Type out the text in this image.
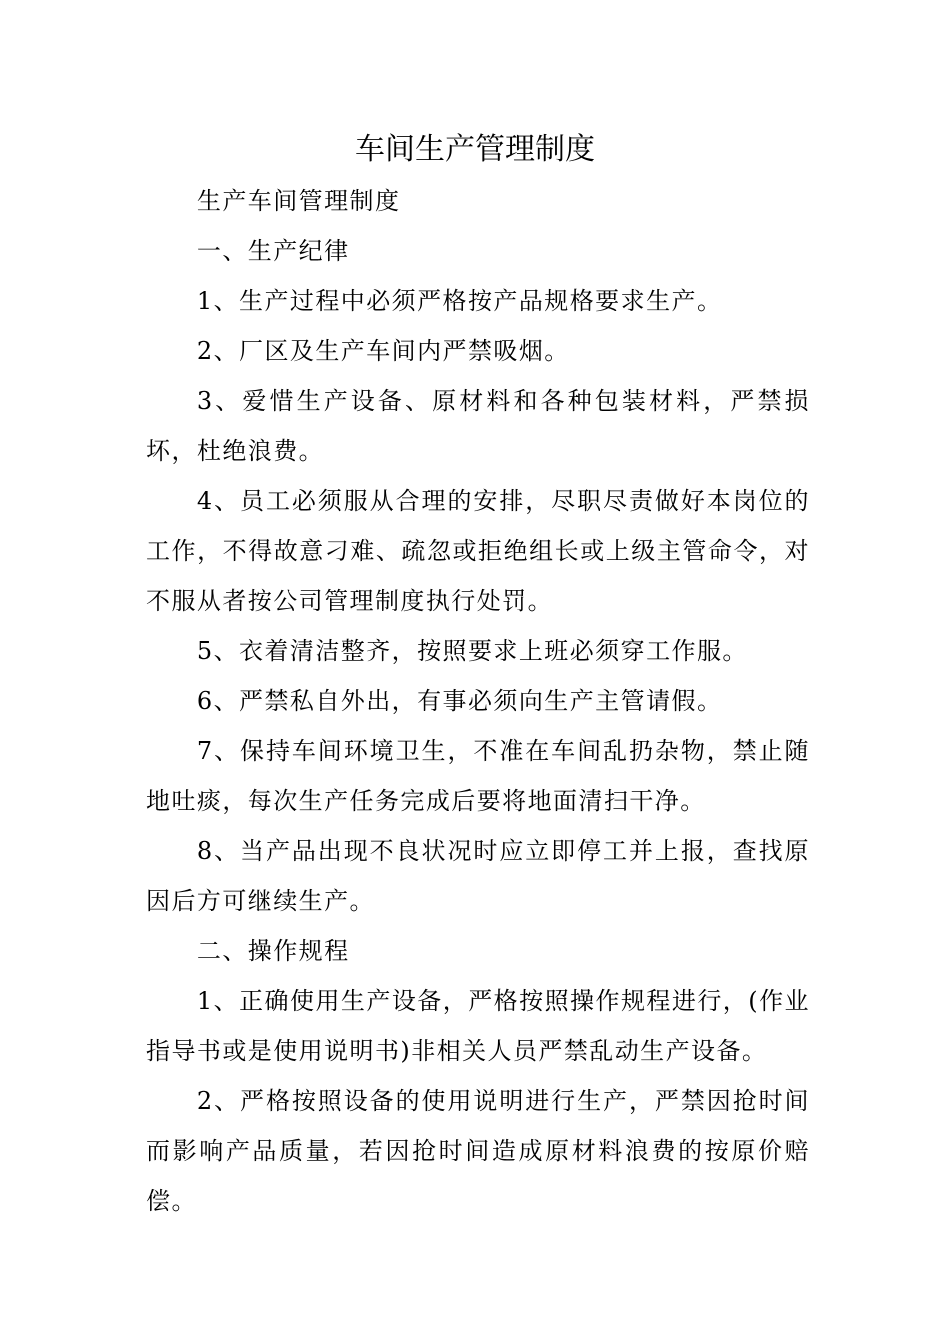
车间生产管理制度

生产车间管理制度

一、生产纪律

1、生产过程中必须严格按产品规格要求生产。

2、厂区及生产车间内严禁吸烟。

3、爱惜生产设备、原材料和各种包装材料，严禁损坏，杜绝浪费。

4、员工必须服从合理的安排，尽职尽责做好本岗位的工作，不得故意刁难、疏忽或拒绝组长或上级主管命令，对不服从者按公司管理制度执行处罚。

5、衣着清洁整齐，按照要求上班必须穿工作服。

6、严禁私自外出，有事必须向生产主管请假。

7、保持车间环境卫生，不准在车间乱扔杂物，禁止随地吐痰，每次生产任务完成后要将地面清扫干净。

8、当产品出现不良状况时应立即停工并上报，查找原因后方可继续生产。

二、操作规程

1、正确使用生产设备，严格按照操作规程进行，(作业指导书或是使用说明书)非相关人员严禁乱动生产设备。

2、严格按照设备的使用说明进行生产，严禁因抢时间而影响产品质量，若因抢时间造成原材料浪费的按原价赔偿。
